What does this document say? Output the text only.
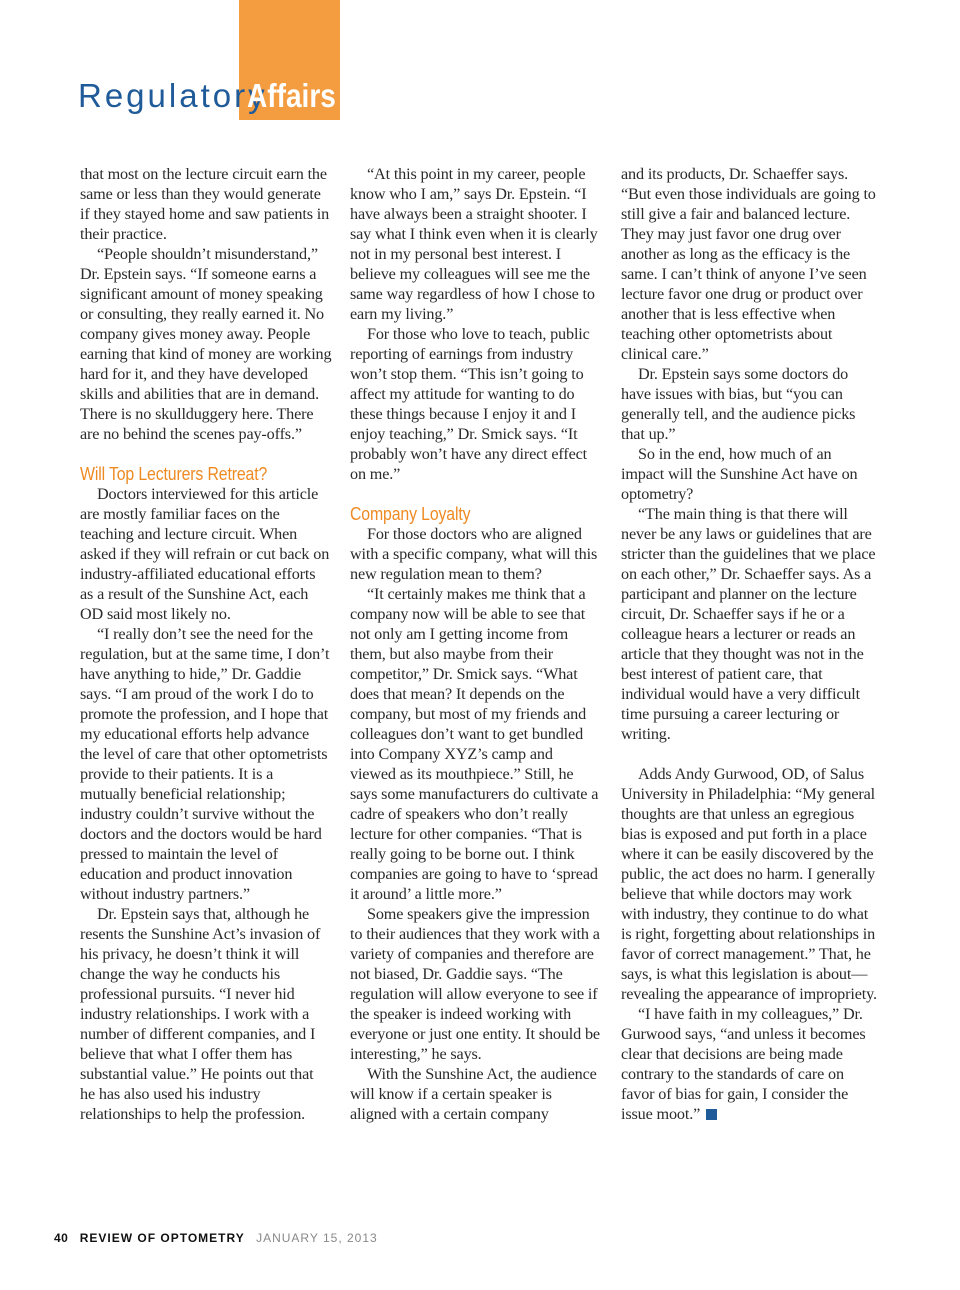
Regulatory
Affairs

that most on the lecture circuit earn the same or less than they would generate if they stayed home and saw patients in their practice.

“People shouldn’t misunderstand,” Dr. Epstein says. “If someone earns a significant amount of money speaking or consulting, they really earned it. No company gives money away. People earning that kind of money are working hard for it, and they have developed skills and abilities that are in demand. There is no skullduggery here. There are no behind the scenes pay-offs.”

Will Top Lecturers Retreat?

Doctors interviewed for this article are mostly familiar faces on the teaching and lecture circuit. When asked if they will refrain or cut back on industry-affiliated educational efforts as a result of the Sunshine Act, each OD said most likely no.

“I really don’t see the need for the regulation, but at the same time, I don’t have anything to hide,” Dr. Gaddie says. “I am proud of the work I do to promote the profession, and I hope that my educational efforts help advance the level of care that other optometrists provide to their patients. It is a mutually beneficial relationship; industry couldn’t survive without the doctors and the doctors would be hard pressed to maintain the level of education and product innovation without industry partners.”

Dr. Epstein says that, although he resents the Sunshine Act’s invasion of his privacy, he doesn’t think it will change the way he conducts his professional pursuits. “I never hid industry relationships. I work with a number of different companies, and I believe that what I offer them has substantial value.” He points out that he has also used his industry relationships to help the profession.

“At this point in my career, people know who I am,” says Dr. Epstein. “I have always been a straight shooter. I say what I think even when it is clearly not in my personal best interest. I believe my colleagues will see me the same way regardless of how I chose to earn my living.”

For those who love to teach, public reporting of earnings from industry won’t stop them. “This isn’t going to affect my attitude for wanting to do these things because I enjoy it and I enjoy teaching,” Dr. Smick says. “It probably won’t have any direct effect on me.”

Company Loyalty

For those doctors who are aligned with a specific company, what will this new regulation mean to them?

“It certainly makes me think that a company now will be able to see that not only am I getting income from them, but also maybe from their competitor,” Dr. Smick says. “What does that mean? It depends on the company, but most of my friends and colleagues don’t want to get bundled into Company XYZ’s camp and viewed as its mouthpiece.” Still, he says some manufacturers do cultivate a cadre of speakers who don’t really lecture for other companies. “That is really going to be borne out. I think companies are going to have to ‘spread it around’ a little more.”

Some speakers give the impression to their audiences that they work with a variety of companies and therefore are not biased, Dr. Gaddie says. “The regulation will allow everyone to see if the speaker is indeed working with everyone or just one entity. It should be interesting,” he says.

With the Sunshine Act, the audience will know if a certain speaker is aligned with a certain company

and its products, Dr. Schaeffer says. “But even those individuals are going to still give a fair and balanced lecture. They may just favor one drug over another as long as the efficacy is the same. I can’t think of anyone I’ve seen lecture favor one drug or product over another that is less effective when teaching other optometrists about clinical care.”

Dr. Epstein says some doctors do have issues with bias, but “you can generally tell, and the audience picks that up.”

So in the end, how much of an impact will the Sunshine Act have on optometry?

“The main thing is that there will never be any laws or guidelines that are stricter than the guidelines that we place on each other,” Dr. Schaeffer says. As a participant and planner on the lecture circuit, Dr. Schaeffer says if he or a colleague hears a lecturer or reads an article that they thought was not in the best interest of patient care, that individual would have a very difficult time pursuing a career lecturing or writing.

Adds Andy Gurwood, OD, of Salus University in Philadelphia: “My general thoughts are that unless an egregious bias is exposed and put forth in a place where it can be easily discovered by the public, the act does no harm. I generally believe that while doctors may work with industry, they continue to do what is right, forgetting about relationships in favor of correct management.” That, he says, is what this legislation is about—revealing the appearance of impropriety.

“I have faith in my colleagues,” Dr. Gurwood says, “and unless it becomes clear that decisions are being made contrary to the standards of care on favor of bias for gain, I consider the issue moot.”

40 REVIEW OF OPTOMETRY JANUARY 15, 2013
